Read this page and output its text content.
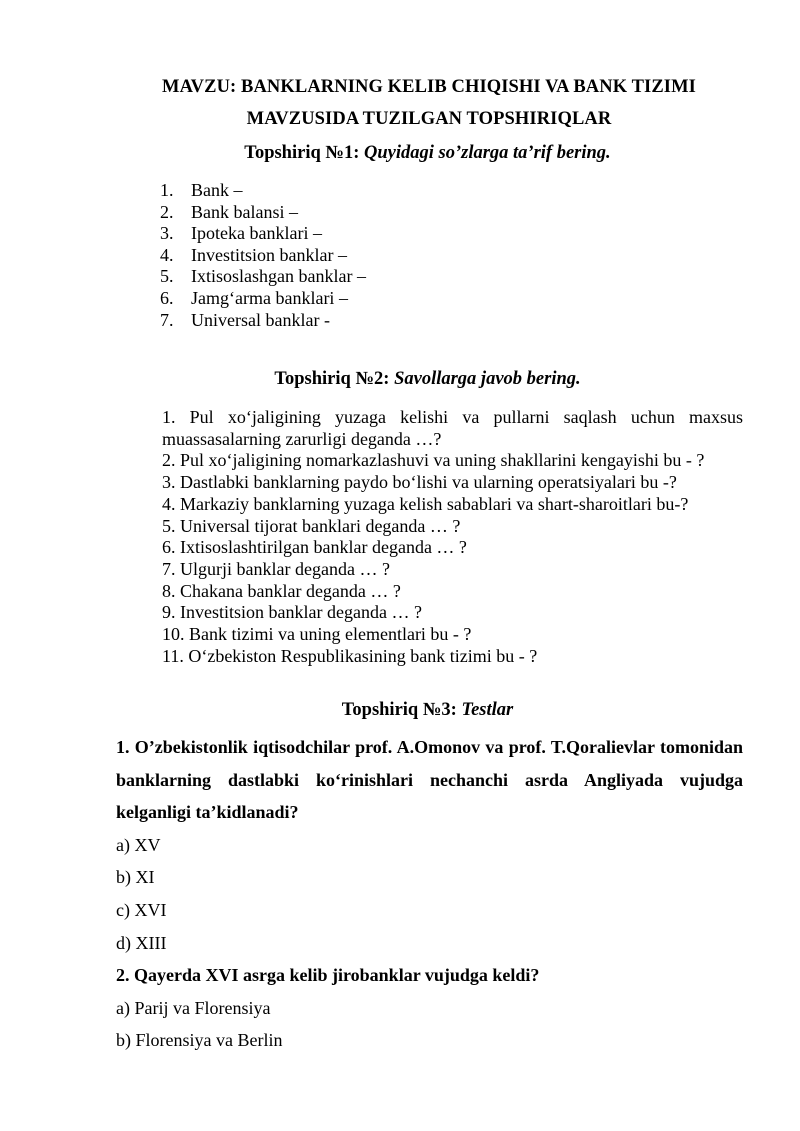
MAVZU: BANKLARNING KELIB CHIQISHI VA BANK TIZIMI
MAVZUSIDA TUZILGAN TOPSHIRIQLAR
Topshiriq №1: Quyidagi so’zlarga ta’rif bering.
1. Bank –
2. Bank balansi –
3. Ipoteka banklari –
4. Investitsion banklar –
5. Ixtisoslashgan banklar –
6. Jamg‘arma banklari –
7. Universal banklar -
Topshiriq №2: Savollarga javob bering.
1. Pul xo‘jaligining yuzaga kelishi va pullarni saqlash uchun maxsus muassasalarning zarurligi deganda …?
2. Pul xo‘jaligining nomarkazlashuvi va uning shakllarini kengayishi bu - ?
3. Dastlabki banklarning paydo bo‘lishi va ularning operatsiyalari bu -?
4. Markaziy banklarning yuzaga kelish sabablari va shart-sharoitlari bu-?
5. Universal tijorat banklari deganda … ?
6. Ixtisoslashtirilgan banklar deganda … ?
7. Ulgurji banklar deganda … ?
8. Chakana banklar deganda … ?
9. Investitsion banklar deganda … ?
10. Bank tizimi va uning elementlari bu - ?
11. O‘zbekiston Respublikasining bank tizimi bu - ?
Topshiriq №3: Testlar
1. O’zbekistonlik iqtisodchilar prof. A.Omonov va prof. T.Qoralievlar tomonidan banklarning dastlabki ko‘rinishlari nechanchi asrda Angliyada vujudga kelganligi ta’kidlanadi?
a) XV
b) XI
c) XVI
d) XIII
2. Qayerda XVI asrga kelib jirobanklar vujudga keldi?
a) Parij va Florensiya
b) Florensiya va Berlin
